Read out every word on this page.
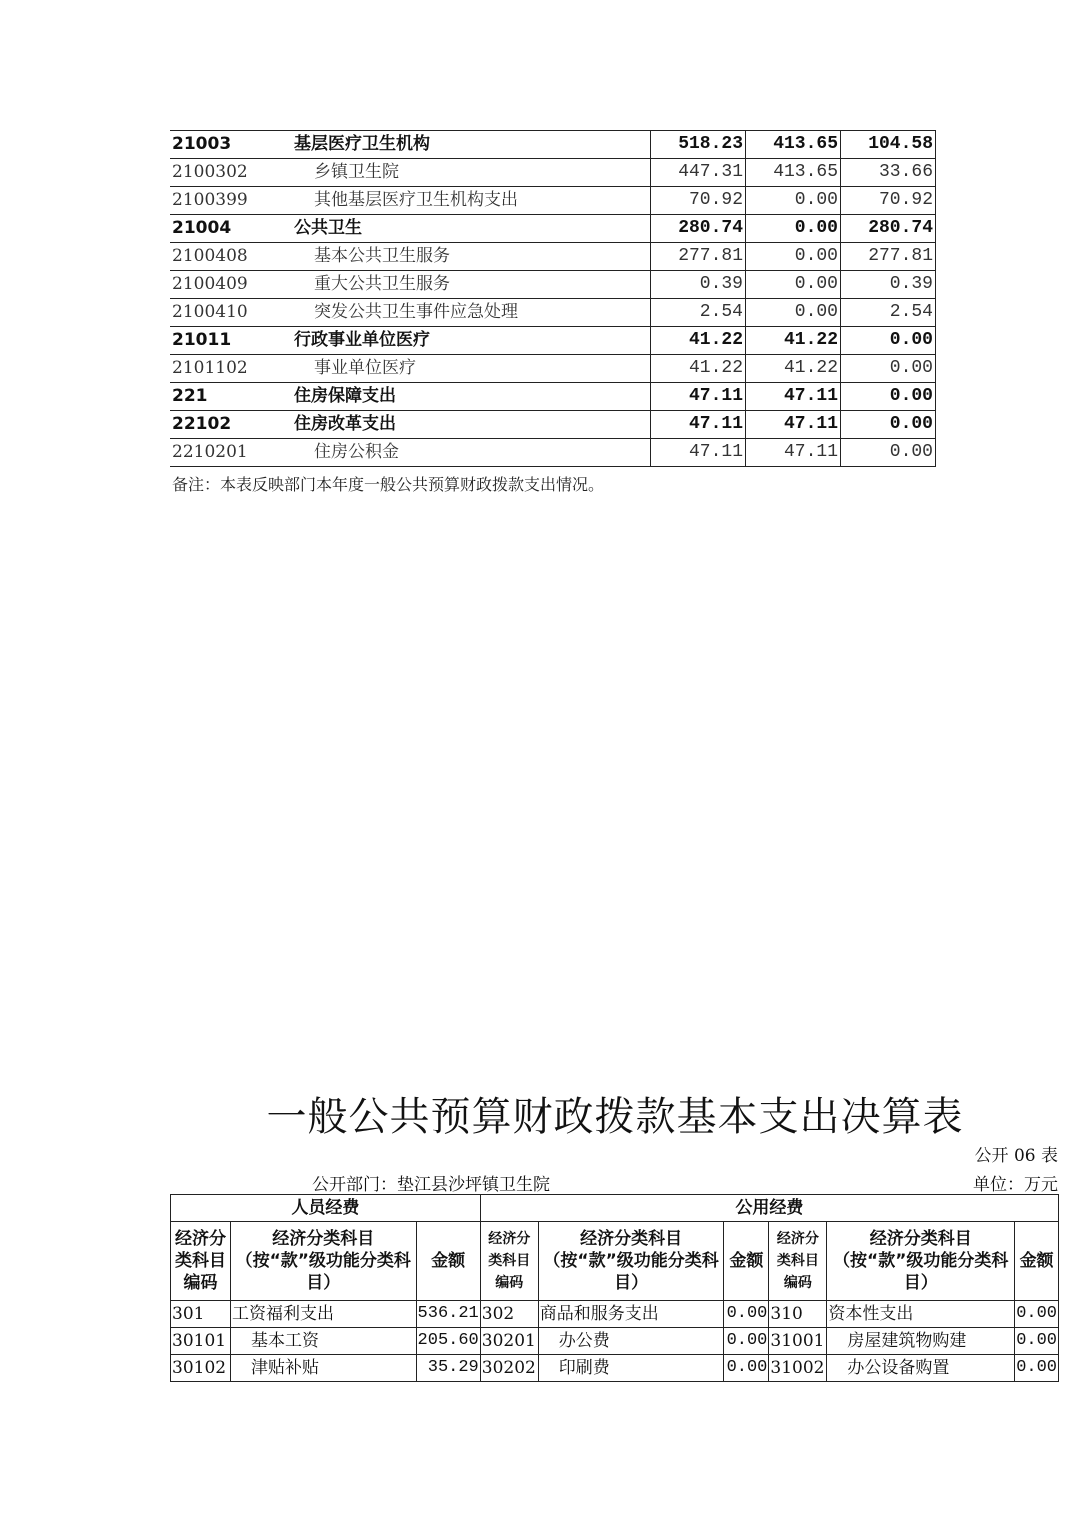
21003	基层医疗卫生机构	518.23	413.65	104.58
2100302	乡镇卫生院	447.31	413.65	33.66
2100399	其他基层医疗卫生机构支出	70.92	0.00	70.92
21004	公共卫生	280.74	0.00	280.74
2100408	基本公共卫生服务	277.81	0.00	277.81
2100409	重大公共卫生服务	0.39	0.00	0.39
2100410	突发公共卫生事件应急处理	2.54	0.00	2.54
21011	行政事业单位医疗	41.22	41.22	0.00
2101102	事业单位医疗	41.22	41.22	0.00
221	住房保障支出	47.11	47.11	0.00
22102	住房改革支出	47.11	47.11	0.00
2210201	住房公积金	47.11	47.11	0.00
备注：本表反映部门本年度一般公共预算财政拨款支出情况。
一般公共预算财政拨款基本支出决算表
公开 06 表
公开部门：垫江县沙坪镇卫生院	单位：万元
人员经费			公用经费					
经济分类科目编码	经济分类科目（按“款”级功能分类科目）	金额	经济分类科目编码	经济分类科目（按“款”级功能分类科目）	金额	经济分类科目编码	经济分类科目（按“款”级功能分类科目）	金额
301	工资福利支出	536.21	302	商品和服务支出	0.00	310	资本性支出	0.00
30101	基本工资	205.60	30201	办公费	0.00	31001	房屋建筑物购建	0.00
30102	津贴补贴	35.29	30202	印刷费	0.00	31002	办公设备购置	0.00
